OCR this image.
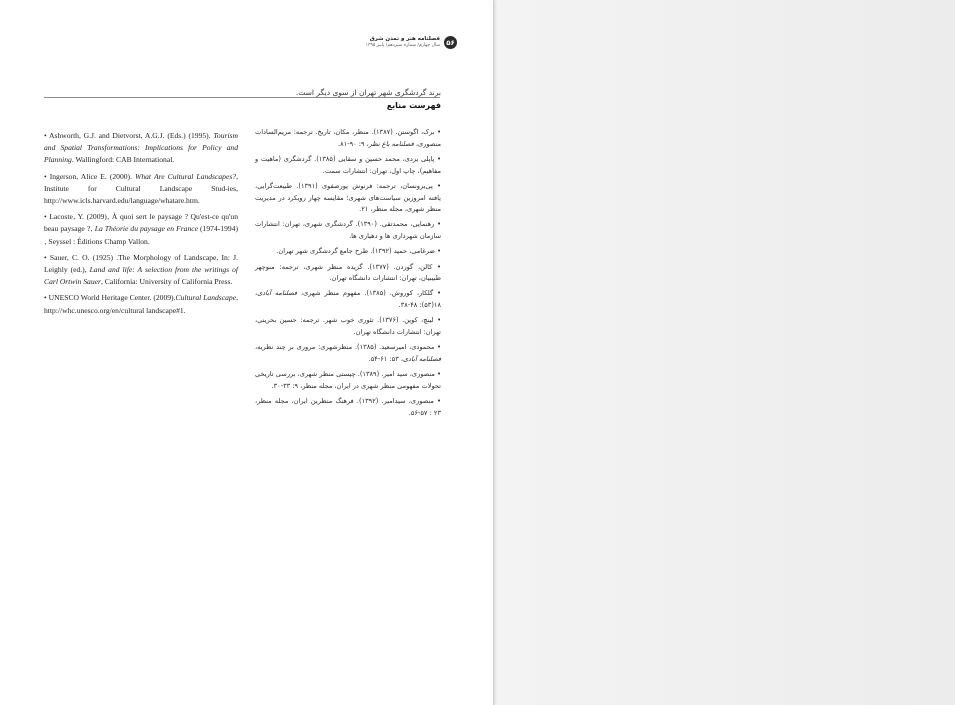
۵۶
فصلنامه هنر و تمدن شرق
سال چهارم/ شماره سیزدهم/ پاییز ۱۳۹۵
برند گردشگری شهر تهران از سوی دیگر است.
فهرست منابع

• Ashworth, G.J. and Dietvorst, A.G.J. (Eds.) (1995). Tourism and Spatial Transformations: Implications for Policy and Planning. Wallingford: CAB International.

• Ingerson, Alice E. (2000). What Are Cultural Landscapes?, Institute for Cultural Landscape Stud-ies, http://www.icls.harvard.edu/language/whatare.htm.

• Lacoste‚ Y. (2009)‚ À quoi sert le paysage ? Qu'est-ce qu'un beau paysage ?‚ La Théorie du paysage en France (1974-1994)‚ Seyssel : Éditions Champ Vallon.

• Sauer, C. O. (1925) .The Morphology of Landscape, In: J. Leighly (ed.), Land and life: A selection from the writings of Carl Ortwin Sauer, California: University of California Press.

• UNESCO World Heritage Center. (2009).Cultural Landscape, http://whc.unesco.org/en/cultural landscape#1.

• برک، اگوستن. (۱۳۸۷). منظر، مکان، تاریخ. ترجمه: مریم‌السادات منصوری، فصلنامه باغ نظر، ۹: ۹۰-۸۱.

• پاپلی یزدی، محمد حسین و سقایی (۱۳۸۵). گردشگری (ماهیت و مفاهیم)، چاپ اول، تهران: انتشارات سمت.

• پی‌یرونسان، ترجمه: فرنوش پورصفوی (۱۳۹۱). طبیعت‌گرایی، یافته امروزین سیاست‌های شهری؛ مقایسه چهار رویکرد در مدیریت منظر شهری، مجله منظر، ۲۱.

• رهنمایی، محمدتقی. (۱۳۹۰). گردشگری شهری، تهران: انتشارات سازمان شهرداری ها و دهیاری ها.

• ضرغامی، حمید (۱۳۹۲). طرح جامع گردشگری شهر تهران.

• کالن، گوردن. (۱۳۷۷). گزیده منظر شهری، ترجمه: منوچهر طبیبیان، تهران: انتشارات دانشگاه تهران.

• گلکار، کوروش. (۱۳۸۵). مفهوم منظر شهری، فصلنامه آبادی، ۱۸(۵۳): ۴۸-۳۸.

• لینچ، کوین. (۱۳۷۶). تئوری خوب شهر. ترجمه: حسین بحرینی، تهران: انتشارات دانشگاه تهران.

• محمودی، امیرسعید. (۱۳۸۵). منظرشهری: مروری بر چند نظریه، فصلنامه آبادی، ۵۳: ۶۱-۵۴.

• منصوری، سید امیر. (۱۳۸۹). چیستی منظر شهری، بررسی تاریخی تحولات مفهومی منظر شهری در ایران، مجله منظر، ۹: ۳۳-۳۰.

• منصوری، سیدامیر. (۱۳۹۲). فرهنگ منظرین ایران، مجله منظر، ۲۳ : ۵۷-۵۶.
